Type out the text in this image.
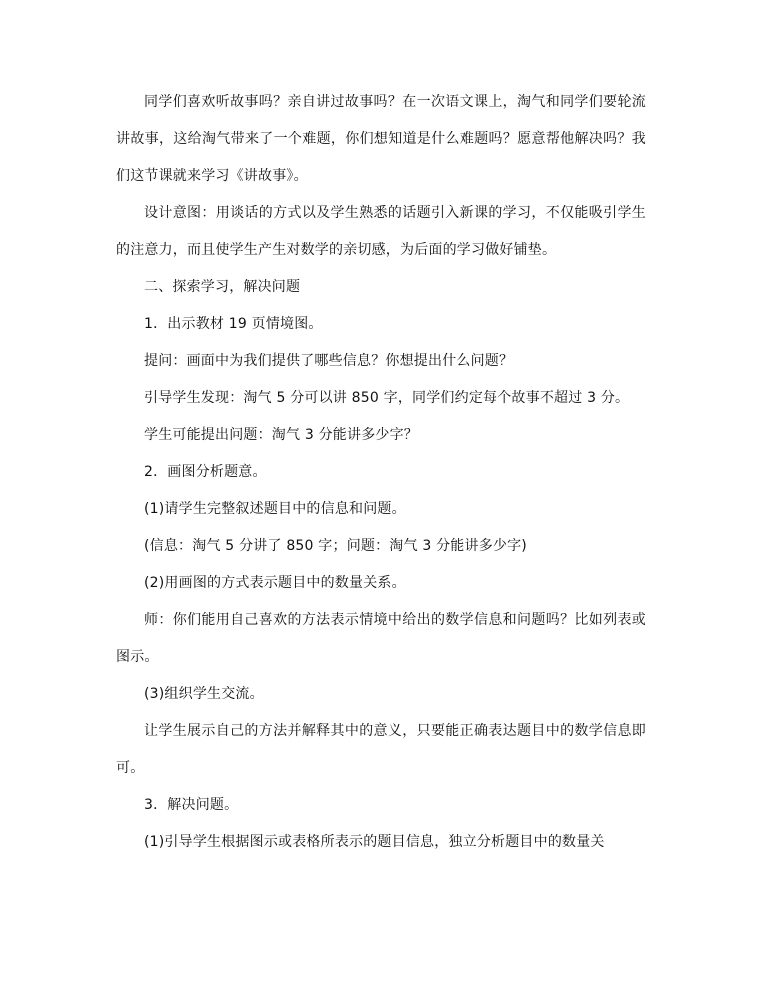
同学们喜欢听故事吗？亲自讲过故事吗？在一次语文课上，淘气和同学们要轮流讲故事，这给淘气带来了一个难题，你们想知道是什么难题吗？愿意帮他解决吗？我们这节课就来学习《讲故事》。

设计意图：用谈话的方式以及学生熟悉的话题引入新课的学习，不仅能吸引学生的注意力，而且使学生产生对数学的亲切感，为后面的学习做好铺垫。

二、探索学习，解决问题

1．出示教材 19 页情境图。

提问：画面中为我们提供了哪些信息？你想提出什么问题？

引导学生发现：淘气 5 分可以讲 850 字，同学们约定每个故事不超过 3 分。

学生可能提出问题：淘气 3 分能讲多少字？

2．画图分析题意。

(1)请学生完整叙述题目中的信息和问题。

(信息：淘气 5 分讲了 850 字；问题：淘气 3 分能讲多少字)

(2)用画图的方式表示题目中的数量关系。

师：你们能用自己喜欢的方法表示情境中给出的数学信息和问题吗？比如列表或图示。

(3)组织学生交流。

让学生展示自己的方法并解释其中的意义，只要能正确表达题目中的数学信息即可。

3．解决问题。

(1)引导学生根据图示或表格所表示的题目信息，独立分析题目中的数量关
